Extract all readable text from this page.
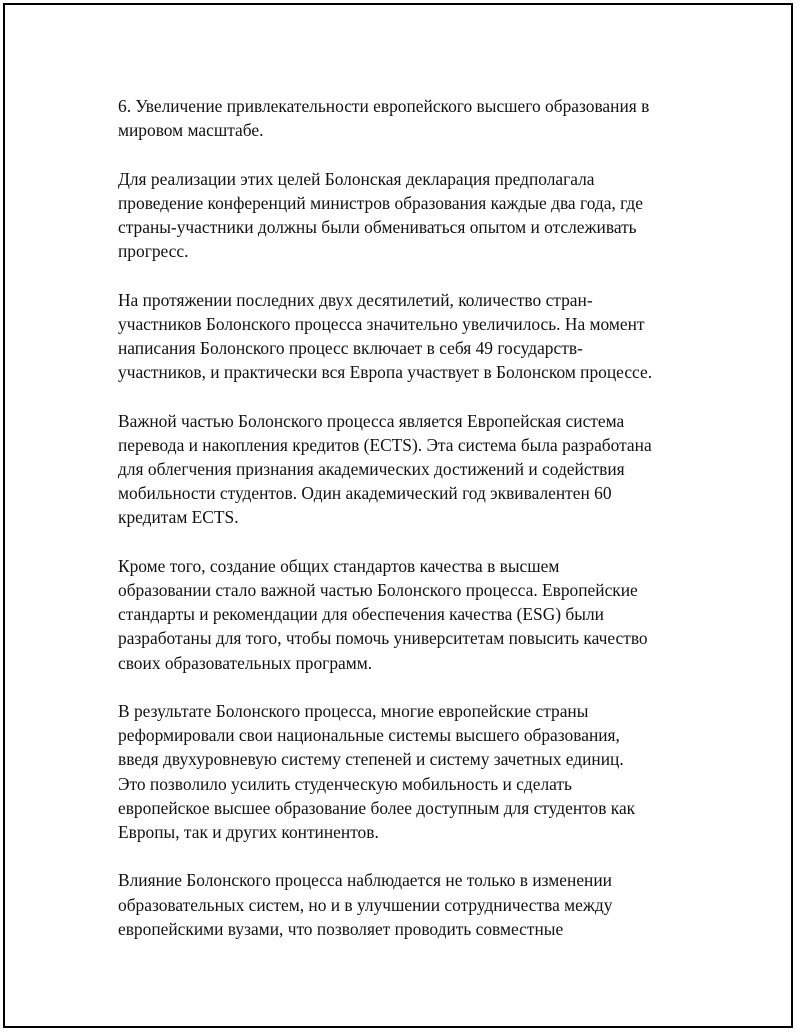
6. Увеличение привлекательности европейского высшего образования в
мировом масштабе.

Для реализации этих целей Болонская декларация предполагала
проведение конференций министров образования каждые два года, где
страны-участники должны были обмениваться опытом и отслеживать
прогресс.

На протяжении последних двух десятилетий, количество стран-
участников Болонского процесса значительно увеличилось. На момент
написания Болонского процесс включает в себя 49 государств-
участников, и практически вся Европа участвует в Болонском процессе.

Важной частью Болонского процесса является Европейская система
перевода и накопления кредитов (ECTS). Эта система была разработана
для облегчения признания академических достижений и содействия
мобильности студентов. Один академический год эквивалентен 60
кредитам ECTS.

Кроме того, создание общих стандартов качества в высшем
образовании стало важной частью Болонского процесса. Европейские
стандарты и рекомендации для обеспечения качества (ESG) были
разработаны для того, чтобы помочь университетам повысить качество
своих образовательных программ.

В результате Болонского процесса, многие европейские страны
реформировали свои национальные системы высшего образования,
введя двухуровневую систему степеней и систему зачетных единиц.
Это позволило усилить студенческую мобильность и сделать
европейское высшее образование более доступным для студентов как
Европы, так и других континентов.

Влияние Болонского процесса наблюдается не только в изменении
образовательных систем, но и в улучшении сотрудничества между
европейскими вузами, что позволяет проводить совместные
